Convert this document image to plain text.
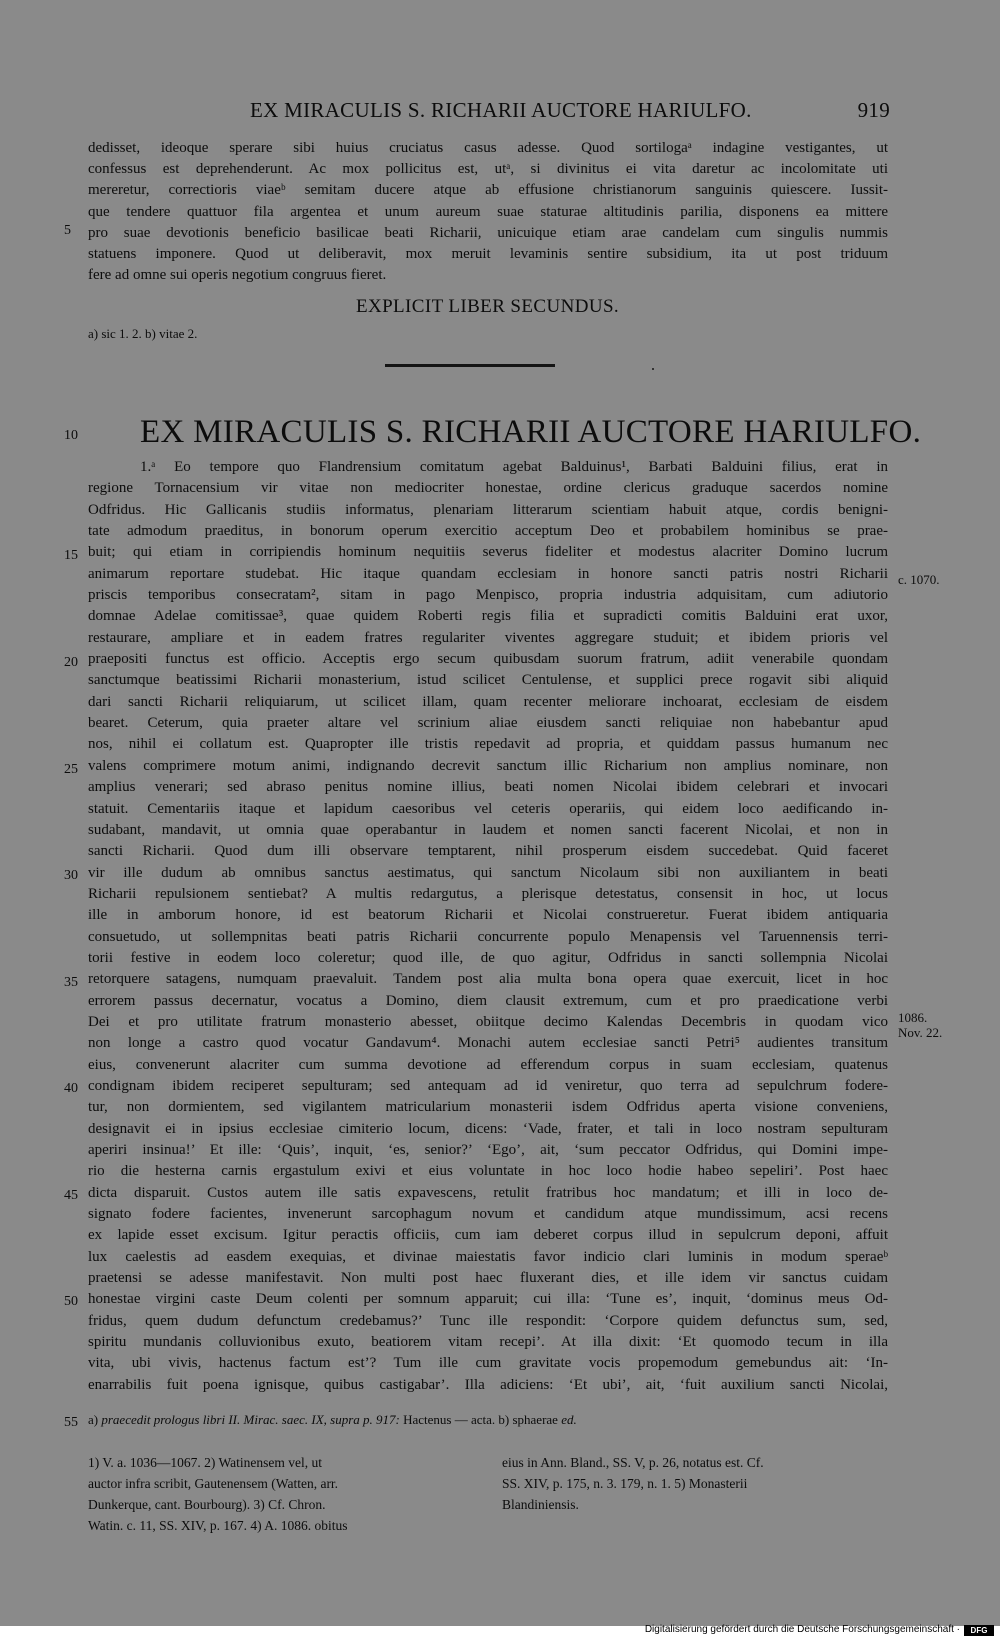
EX MIRACULIS S. RICHARII AUCTORE HARIULFO.	919
dedisset, ideoque sperare sibi huius cruciatus casus adesse. Quod sortilogaᵃ indagine vestigantes, ut
confessus est deprehenderunt. Ac mox pollicitus est, utᵃ, si divinitus ei vita daretur ac incolomitate uti
mereretur, correctioris viaeᵇ semitam ducere atque ab effusione christianorum sanguinis quiescere. Iussit-
que tendere quattuor fila argentea et unum aureum suae staturae altitudinis parilia, disponens ea mittere
pro suae devotionis beneficio basilicae beati Richarii, unicuique etiam arae candelam cum singulis nummis
statuens imponere. Quod ut deliberavit, mox meruit levaminis sentire subsidium, ita ut post triduum
fere ad omne sui operis negotium congruus fieret.
5
EXPLICIT LIBER SECUNDUS.
a) sic 1. 2. b) vitae 2.
10 EX MIRACULIS S. RICHARII AUCTORE HARIULFO.
1.ᵃ Eo tempore quo Flandrensium comitatum agebat Balduinus¹, Barbati Balduini filius, erat in
regione Tornacensium vir vitae non mediocriter honestae, ordine clericus graduque sacerdos nomine
Odfridus. Hic Gallicanis studiis informatus, plenariam litterarum scientiam habuit atque, cordis benigni-
tate admodum praeditus, in bonorum operum exercitio acceptum Deo et probabilem hominibus se prae-
buit; qui etiam in corripiendis hominum nequitiis severus fideliter et modestus alacriter Domino lucrum
animarum reportare studebat. Hic itaque quandam ecclesiam in honore sancti patris nostri Richarii
priscis temporibus consecratam², sitam in pago Menpisco, propria industria adquisitam, cum adiutorio
domnae Adelae comitissae³, quae quidem Roberti regis filia et supradicti comitis Balduini erat uxor,
restaurare, ampliare et in eadem fratres regulariter viventes aggregare studuit; et ibidem prioris vel
praepositi functus est officio. Acceptis ergo secum quibusdam suorum fratrum, adiit venerabile quondam
sanctumque beatissimi Richarii monasterium, istud scilicet Centulense, et supplici prece rogavit sibi aliquid
dari sancti Richarii reliquiarum, ut scilicet illam, quam recenter meliorare inchoarat, ecclesiam de eisdem
bearet. Ceterum, quia praeter altare vel scrinium aliae eiusdem sancti reliquiae non habebantur apud
nos, nihil ei collatum est. Quapropter ille tristis repedavit ad propria, et quiddam passus humanum nec
valens comprimere motum animi, indignando decrevit sanctum illic Richarium non amplius nominare, non
amplius venerari; sed abraso penitus nomine illius, beati nomen Nicolai ibidem celebrari et invocari
statuit. Cementariis itaque et lapidum caesoribus vel ceteris operariis, qui eidem loco aedificando in-
sudabant, mandavit, ut omnia quae operabantur in laudem et nomen sancti facerent Nicolai, et non in
sancti Richarii. Quod dum illi observare temptarent, nihil prosperum eisdem succedebat. Quid faceret
vir ille dudum ab omnibus sanctus aestimatus, qui sanctum Nicolaum sibi non auxiliantem in beati
Richarii repulsionem sentiebat? A multis redargutus, a plerisque detestatus, consensit in hoc, ut locus
ille in amborum honore, id est beatorum Richarii et Nicolai construeretur. Fuerat ibidem antiquaria
consuetudo, ut sollempnitas beati patris Richarii concurrente populo Menapensis vel Taruennensis terri-
torii festive in eodem loco coleretur; quod ille, de quo agitur, Odfridus in sancti sollempnia Nicolai
retorquere satagens, numquam praevaluit. Tandem post alia multa bona opera quae exercuit, licet in hoc
errorem passus decernatur, vocatus a Domino, diem clausit extremum, cum et pro praedicatione verbi
Dei et pro utilitate fratrum monasterio abesset, obiitque decimo Kalendas Decembris in quodam vico
non longe a castro quod vocatur Gandavum⁴. Monachi autem ecclesiae sancti Petri⁵ audientes transitum
eius, convenerunt alacriter cum summa devotione ad efferendum corpus in suam ecclesiam, quatenus
condignam ibidem reciperet sepulturam; sed antequam ad id veniretur, quo terra ad sepulchrum fodere-
tur, non dormientem, sed vigilantem matricularium monasterii isdem Odfridus aperta visione conveniens,
designavit ei in ipsius ecclesiae cimiterio locum, dicens: ‘Vade, frater, et tali in loco nostram sepulturam
aperiri insinua!’ Et ille: ‘Quis’, inquit, ‘es, senior?’ ‘Ego’, ait, ‘sum peccator Odfridus, qui Domini impe-
rio die hesterna carnis ergastulum exivi et eius voluntate in hoc loco hodie habeo sepeliri’. Post haec
dicta disparuit. Custos autem ille satis expavescens, retulit fratribus hoc mandatum; et illi in loco de-
signato fodere facientes, invenerunt sarcophagum novum et candidum atque mundissimum, acsi recens
ex lapide esset excisum. Igitur peractis officiis, cum iam deberet corpus illud in sepulcrum deponi, affuit
lux caelestis ad easdem exequias, et divinae maiestatis favor indicio clari luminis in modum speraeᵇ
praetensi se adesse manifestavit. Non multi post haec fluxerant dies, et ille idem vir sanctus cuidam
honestae virgini caste Deum colenti per somnum apparuit; cui illa: ‘Tune es’, inquit, ‘dominus meus Od-
fridus, quem dudum defunctum credebamus?’ Tunc ille respondit: ‘Corpore quidem defunctus sum, sed,
spiritu mundanis colluvionibus exuto, beatiorem vitam recepi’. At illa dixit: ‘Et quomodo tecum in illa
vita, ubi vivis, hactenus factum est’? Tum ille cum gravitate vocis propemodum gemebundus ait: ‘In-
enarrabilis fuit poena ignisque, quibus castigabar’. Illa adiciens: ‘Et ubi’, ait, ‘fuit auxilium sancti Nicolai,
15
20
25
30
35
40
45
50
55
c. 1070.
1086.
Nov. 22.
a) praecedit prologus libri II. Mirac. saec. IX, supra p. 917: Hactenus — acta. b) sphaerae ed.
1) V. a. 1036—1067. 2) Watinensem vel, ut
auctor infra scribit, Gautenensem (Watten, arr.
Dunkerque, cant. Bourbourg). 3) Cf. Chron.
Watin. c. 11, SS. XIV, p. 167. 4) A. 1086. obitus
eius in Ann. Bland., SS. V, p. 26, notatus est. Cf.
SS. XIV, p. 175, n. 3. 179, n. 1. 5) Monasterii
Blandiniensis.
Digitalisierung gefördert durch die Deutsche Forschungsgemeinschaft ·	DFG
